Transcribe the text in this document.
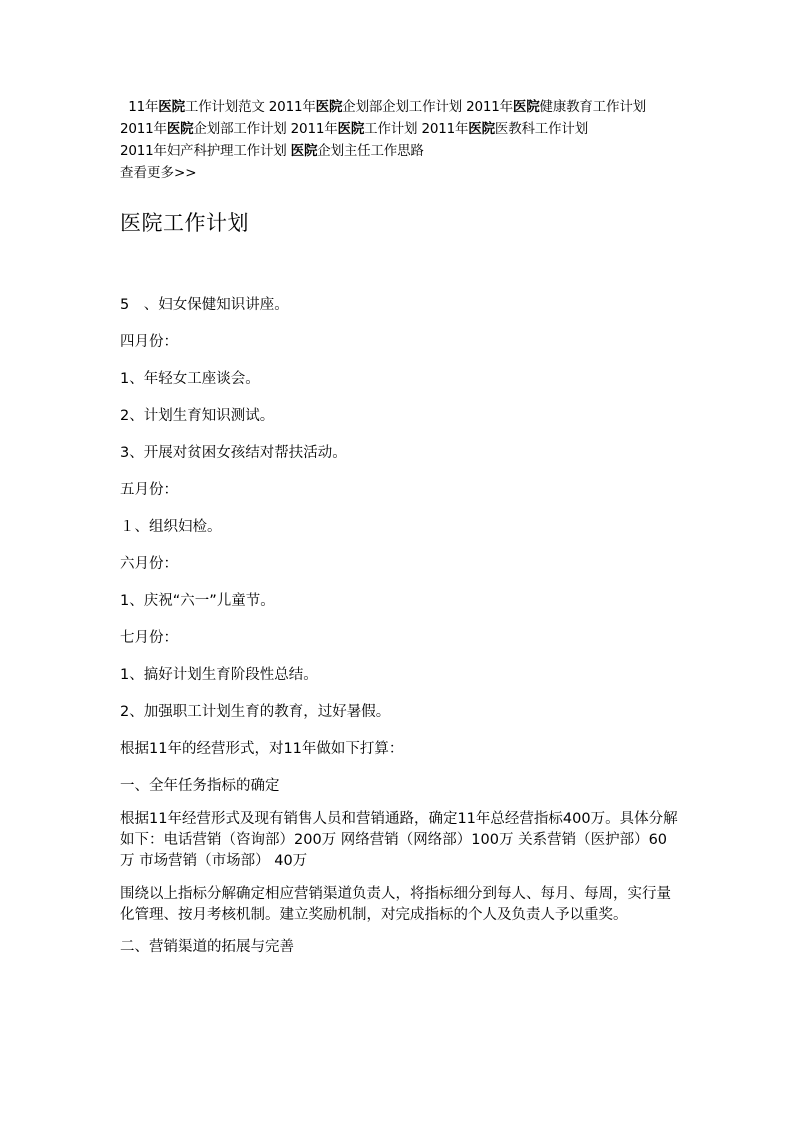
11年医院工作计划范文 2011年医院企划部企划工作计划 2011年医院健康教育工作计划 2011年医院企划部工作计划 2011年医院工作计划 2011年医院医教科工作计划 2011年妇产科护理工作计划 医院企划主任工作思路
查看更多>>
医院工作计划

5　、妇女保健知识讲座。

四月份：

1、年轻女工座谈会。

2、计划生育知识测试。

3、开展对贫困女孩结对帮扶活动。

五月份：

１、组织妇检。

六月份：

1、庆祝“六一”儿童节。

七月份：

1、搞好计划生育阶段性总结。

2、加强职工计划生育的教育，过好暑假。

根据11年的经营形式，对11年做如下打算：

一、全年任务指标的确定

根据11年经营形式及现有销售人员和营销通路，确定11年总经营指标400万。具体分解如下：电话营销（咨询部）200万 网络营销（网络部）100万 关系营销（医护部）60万 市场营销（市场部） 40万

围绕以上指标分解确定相应营销渠道负责人，将指标细分到每人、每月、每周，实行量化管理、按月考核机制。建立奖励机制，对完成指标的个人及负责人予以重奖。

二、营销渠道的拓展与完善
